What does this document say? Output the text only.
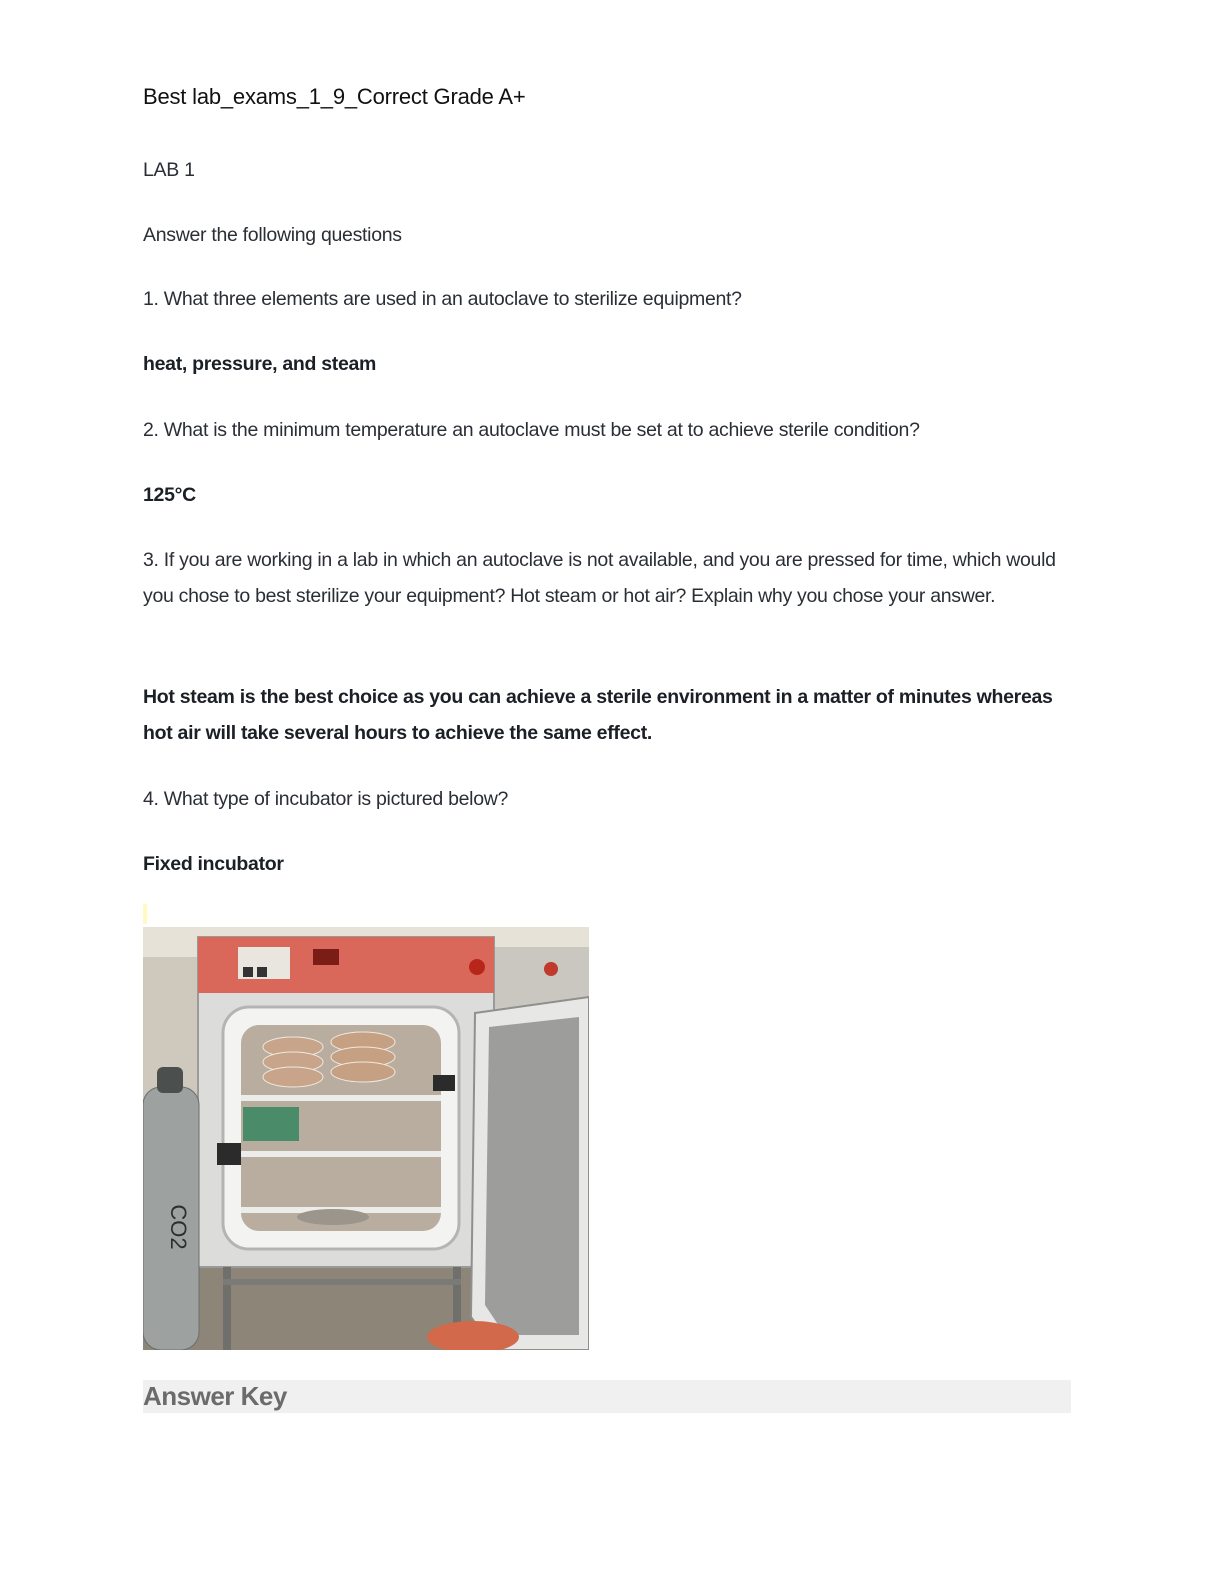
Best lab_exams_1_9_Correct Grade A+

LAB 1

Answer the following questions

1. What three elements are used in an autoclave to sterilize equipment?

heat, pressure, and steam

2. What is the minimum temperature an autoclave must be set at to achieve sterile condition?

125°C

3. If you are working in a lab in which an autoclave is not available, and you are pressed for time, which would you chose to best sterilize your equipment? Hot steam or hot air? Explain why you chose your answer.

Hot steam is the best choice as you can achieve a sterile environment in a matter of minutes whereas hot air will take several hours to achieve the same effect.

4. What type of incubator is pictured below?

Fixed incubator

CO2
Answer Key
